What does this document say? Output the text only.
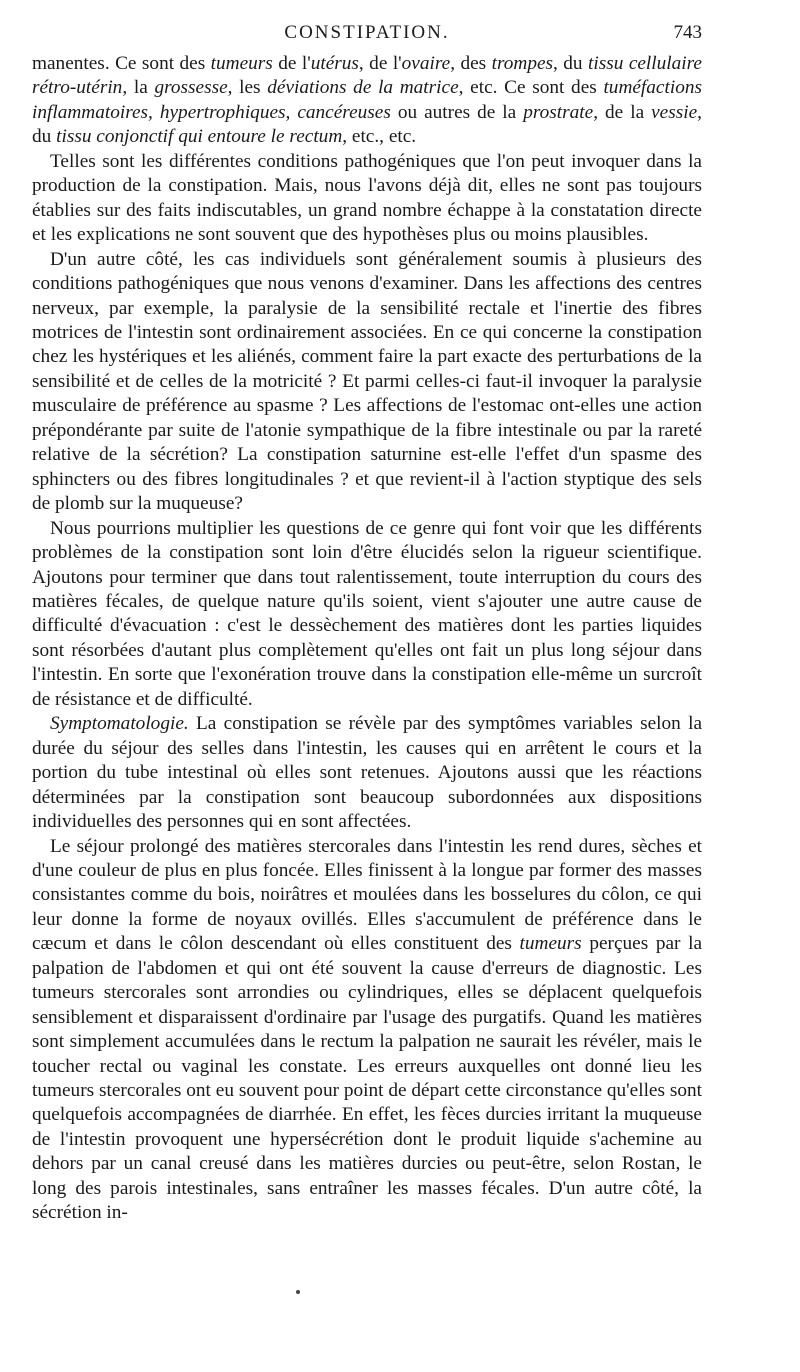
CONSTIPATION.	743

manentes. Ce sont des tumeurs de l'utérus, de l'ovaire, des trompes, du tissu cellulaire rétro-utérin, la grossesse, les déviations de la matrice, etc. Ce sont des tuméfactions inflammatoires, hypertrophiques, cancéreuses ou autres de la prostrate, de la vessie, du tissu conjonctif qui entoure le rectum, etc., etc.

Telles sont les différentes conditions pathogéniques que l'on peut invoquer dans la production de la constipation. Mais, nous l'avons déjà dit, elles ne sont pas toujours établies sur des faits indiscutables, un grand nombre échappe à la constatation directe et les explications ne sont souvent que des hypothèses plus ou moins plausibles.

D'un autre côté, les cas individuels sont généralement soumis à plusieurs des conditions pathogéniques que nous venons d'examiner. Dans les affections des centres nerveux, par exemple, la paralysie de la sensibilité rectale et l'inertie des fibres motrices de l'intestin sont ordinairement associées. En ce qui concerne la constipation chez les hystériques et les aliénés, comment faire la part exacte des perturbations de la sensibilité et de celles de la motricité ? Et parmi celles-ci faut-il invoquer la paralysie musculaire de préférence au spasme ? Les affections de l'estomac ont-elles une action prépondérante par suite de l'atonie sympathique de la fibre intestinale ou par la rareté relative de la sécrétion? La constipation saturnine est-elle l'effet d'un spasme des sphincters ou des fibres longitudinales ? et que revient-il à l'action styptique des sels de plomb sur la muqueuse?

Nous pourrions multiplier les questions de ce genre qui font voir que les différents problèmes de la constipation sont loin d'être élucidés selon la rigueur scientifique. Ajoutons pour terminer que dans tout ralentissement, toute interruption du cours des matières fécales, de quelque nature qu'ils soient, vient s'ajouter une autre cause de difficulté d'évacuation : c'est le dessèchement des matières dont les parties liquides sont résorbées d'autant plus complètement qu'elles ont fait un plus long séjour dans l'intestin. En sorte que l'exonération trouve dans la constipation elle-même un surcroît de résistance et de difficulté.

Symptomatologie. La constipation se révèle par des symptômes variables selon la durée du séjour des selles dans l'intestin, les causes qui en arrêtent le cours et la portion du tube intestinal où elles sont retenues. Ajoutons aussi que les réactions déterminées par la constipation sont beaucoup subordonnées aux dispositions individuelles des personnes qui en sont affectées.

Le séjour prolongé des matières stercorales dans l'intestin les rend dures, sèches et d'une couleur de plus en plus foncée. Elles finissent à la longue par former des masses consistantes comme du bois, noirâtres et moulées dans les bosselures du côlon, ce qui leur donne la forme de noyaux ovillés. Elles s'accumulent de préférence dans le cæcum et dans le côlon descendant où elles constituent des tumeurs perçues par la palpation de l'abdomen et qui ont été souvent la cause d'erreurs de diagnostic. Les tumeurs stercorales sont arrondies ou cylindriques, elles se déplacent quelquefois sensiblement et disparaissent d'ordinaire par l'usage des purgatifs. Quand les matières sont simplement accumulées dans le rectum la palpation ne saurait les révéler, mais le toucher rectal ou vaginal les constate. Les erreurs auxquelles ont donné lieu les tumeurs stercorales ont eu souvent pour point de départ cette circonstance qu'elles sont quelquefois accompagnées de diarrhée. En effet, les fèces durcies irritant la muqueuse de l'intestin provoquent une hypersécrétion dont le produit liquide s'achemine au dehors par un canal creusé dans les matières durcies ou peut-être, selon Rostan, le long des parois intestinales, sans entraîner les masses fécales. D'un autre côté, la sécrétion in-
